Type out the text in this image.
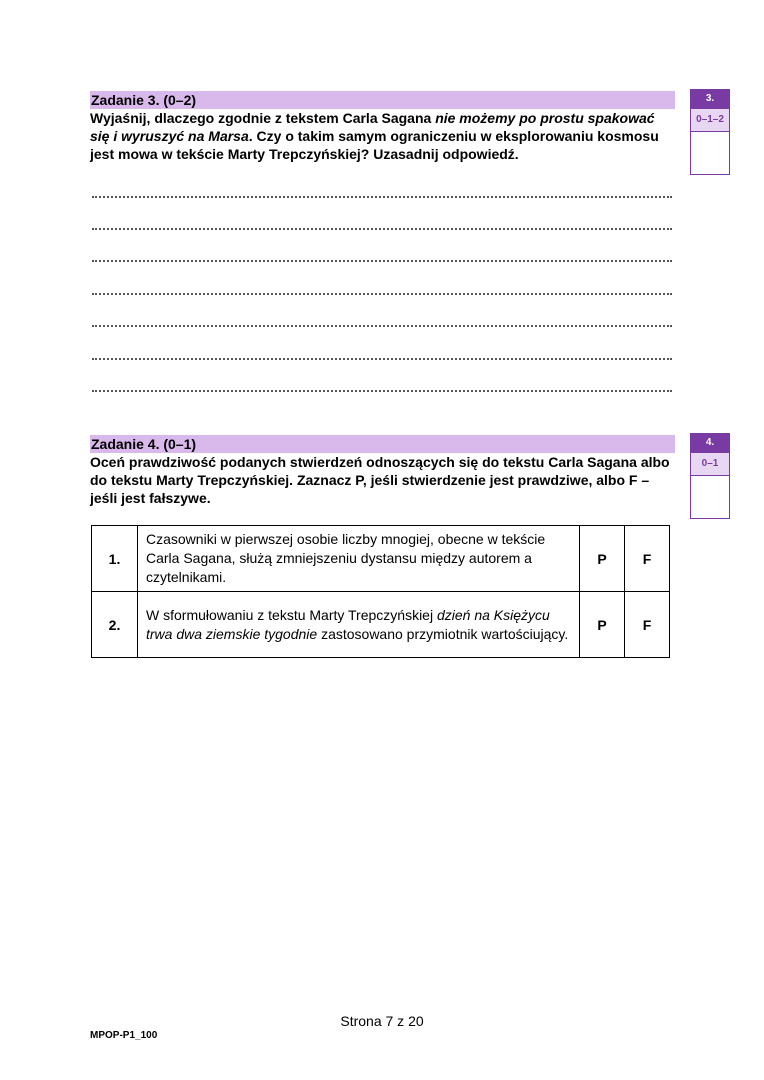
Zadanie 3. (0–2)
Wyjaśnij, dlaczego zgodnie z tekstem Carla Sagana nie możemy po prostu spakować się i wyruszyć na Marsa. Czy o takim samym ograniczeniu w eksplorowaniu kosmosu jest mowa w tekście Marty Trepczyńskiej? Uzasadnij odpowiedź.
3.
0–1–2
Zadanie 4. (0–1)
Oceń prawdziwość podanych stwierdzeń odnoszących się do tekstu Carla Sagana albo do tekstu Marty Trepczyńskiej. Zaznacz P, jeśli stwierdzenie jest prawdziwe, albo F – jeśli jest fałszywe.
4.
0–1
1.	Czasowniki w pierwszej osobie liczby mnogiej, obecne w tekście Carla Sagana, służą zmniejszeniu dystansu między autorem a czytelnikami.	P	F
2.	W sformułowaniu z tekstu Marty Trepczyńskiej dzień na Księżycu trwa dwa ziemskie tygodnie zastosowano przymiotnik wartościujący.	P	F
Strona 7 z 20
MPOP-P1_100
